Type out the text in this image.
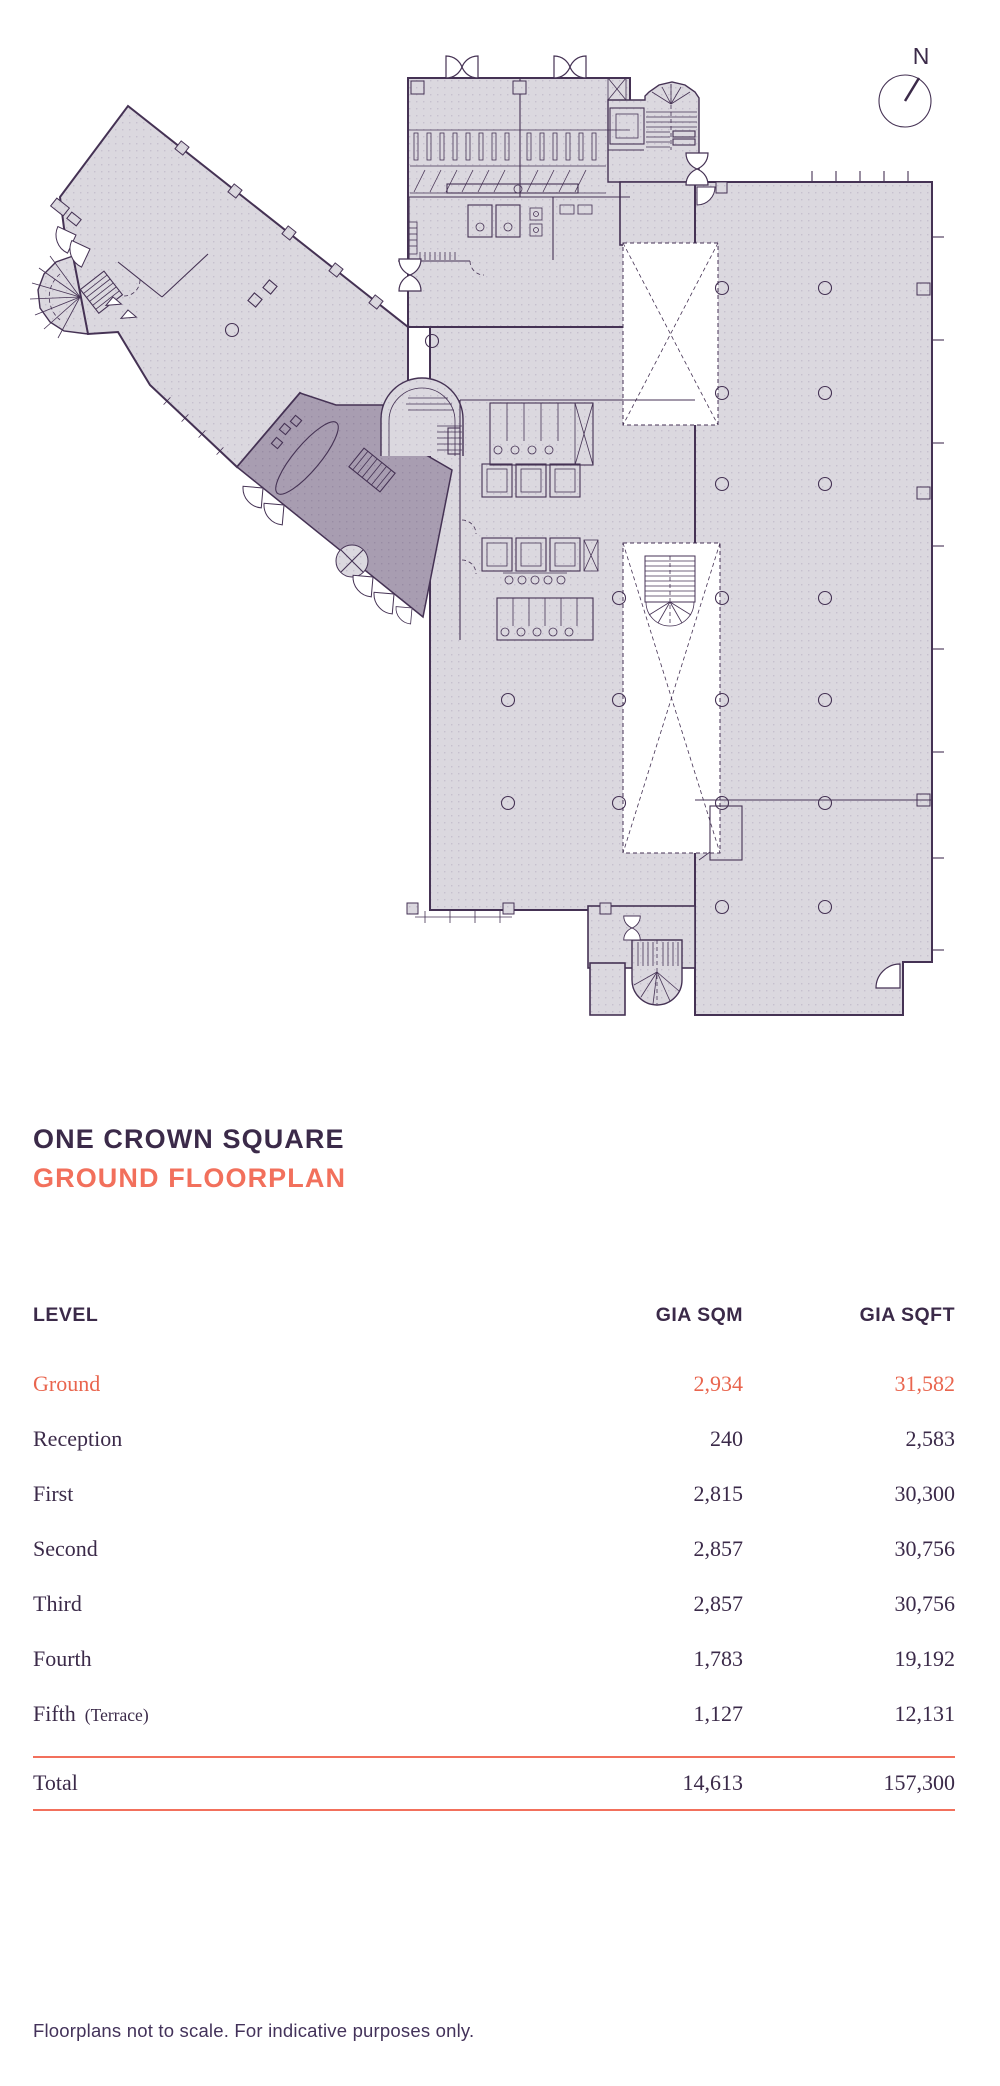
N
ONE CROWN SQUARE
GROUND FLOORPLAN
LEVEL	GIA SQM	GIA SQFT
Ground	2,934	31,582
Reception	240	2,583
First	2,815	30,300
Second	2,857	30,756
Third	2,857	30,756
Fourth	1,783	19,192
Fifth (Terrace)	1,127	12,131
Total	14,613	157,300
Floorplans not to scale. For indicative purposes only.
